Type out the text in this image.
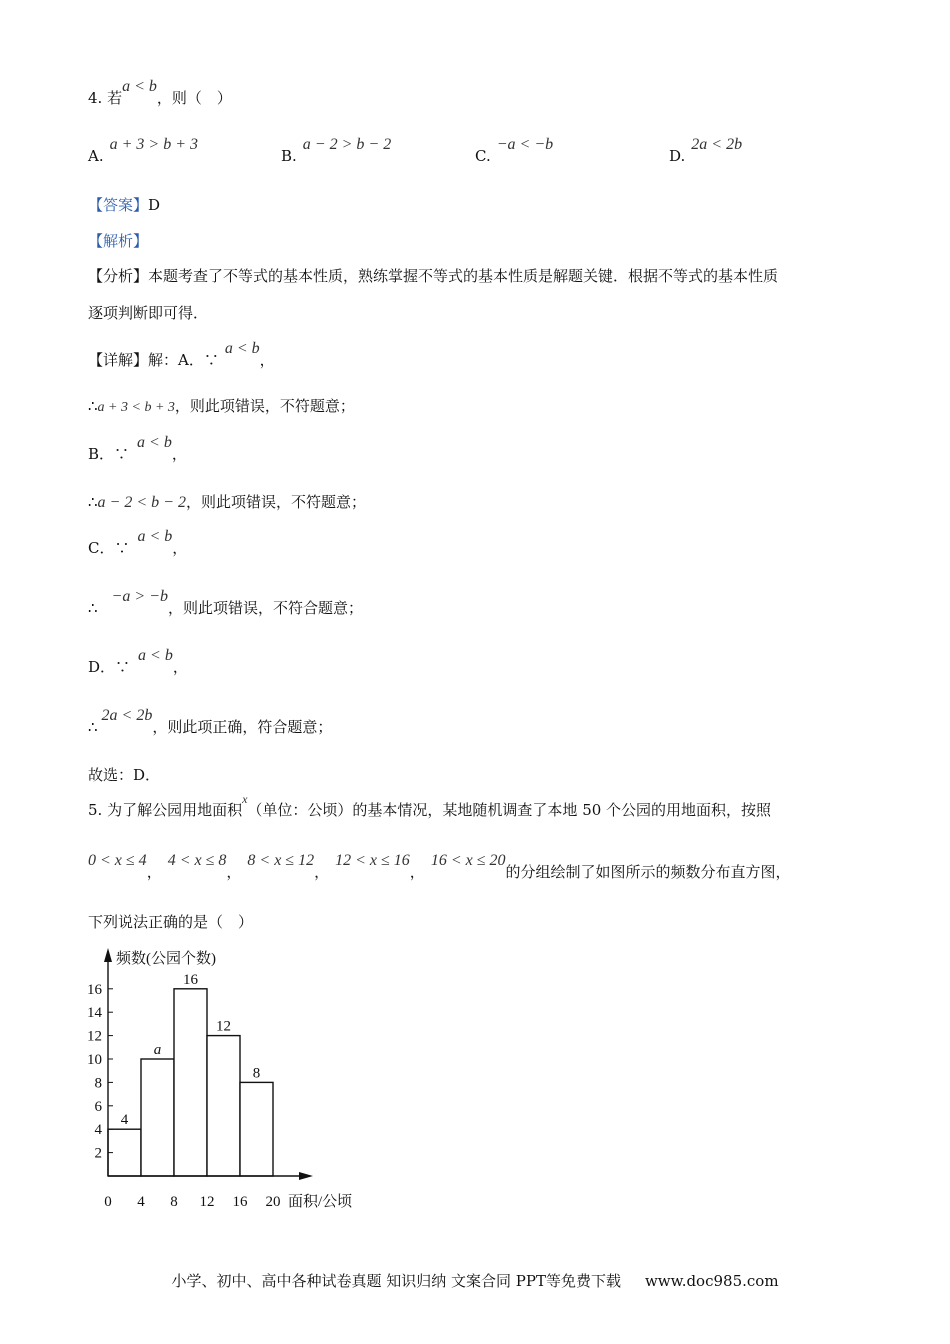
4. 若a < b，则（　）
A.a + 3 > b + 3
B.a − 2 > b − 2
C.−a < −b
D.2a < 2b
【答案】D
【解析】
【分析】本题考查了不等式的基本性质，熟练掌握不等式的基本性质是解题关键．根据不等式的基本性质
逐项判断即可得．
【详解】解：A．∵a < b，
∴a + 3 < b + 3，则此项错误，不符题意；
B．∵a < b，
∴a − 2 < b − 2，则此项错误，不符题意；
C．∵a < b，
∴−a > −b，则此项错误，不符合题意；
D．∵a < b，
∴2a < 2b，则此项正确，符合题意；
故选：D．
5. 为了解公园用地面积$^x$（单位：公顷）的基本情况，某地随机调查了本地 50 个公园的用地面积，按照
0 < x ≤ 4，4 < x ≤ 8，8 < x ≤ 12，12 < x ≤ 16，16 < x ≤ 20的分组绘制了如图所示的频数分布直方图，
下列说法正确的是（　）
4
a
16
12
8
2
4
6
8
10
12
14
16
0 4 8 12 16 20
频数(公园个数)
面积/公顷
小学、初中、高中各种试卷真题 知识归纳 文案合同 PPT等免费下载 www.doc985.com
